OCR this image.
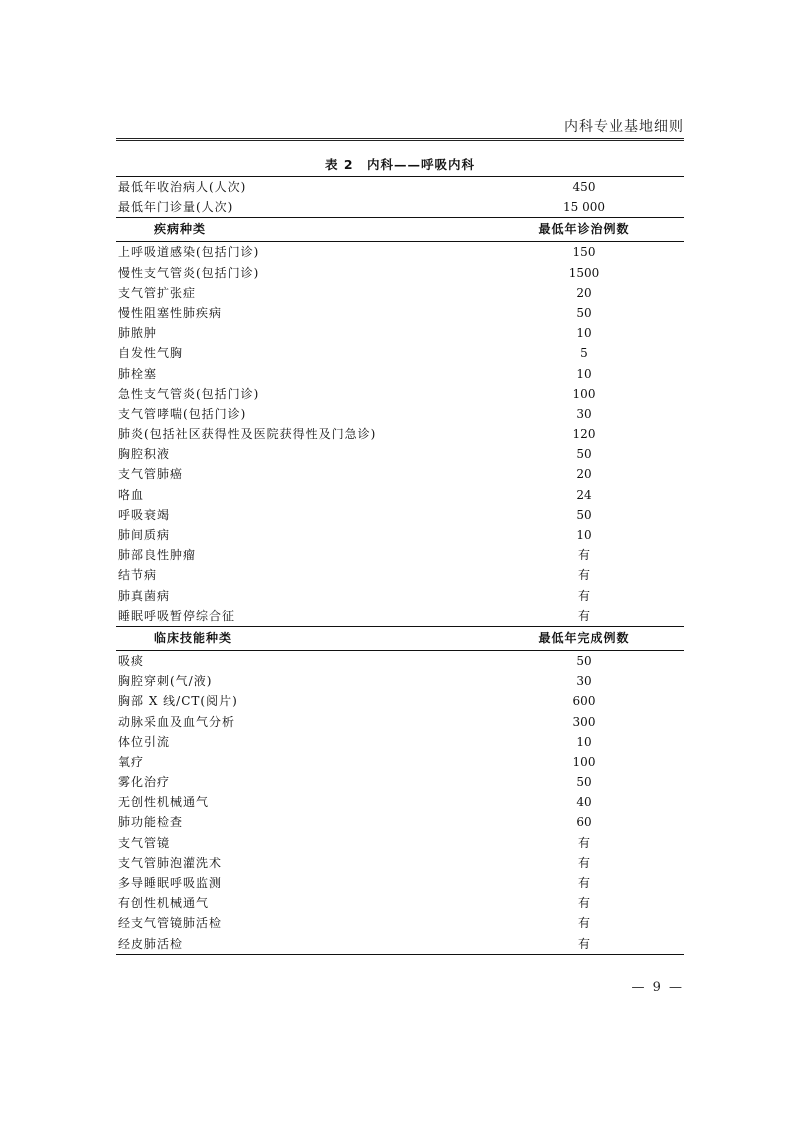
内科专业基地细则
表 2　内科——呼吸内科
最低年收治病人(人次)	450
最低年门诊量(人次)	15 000
疾病种类	最低年诊治例数
上呼吸道感染(包括门诊)	150
慢性支气管炎(包括门诊)	1500
支气管扩张症	20
慢性阻塞性肺疾病	50
肺脓肿	10
自发性气胸	5
肺栓塞	10
急性支气管炎(包括门诊)	100
支气管哮喘(包括门诊)	30
肺炎(包括社区获得性及医院获得性及门急诊)	120
胸腔积液	50
支气管肺癌	20
咯血	24
呼吸衰竭	50
肺间质病	10
肺部良性肿瘤	有
结节病	有
肺真菌病	有
睡眠呼吸暂停综合征	有
临床技能种类	最低年完成例数
吸痰	50
胸腔穿刺(气/液)	30
胸部 X 线/CT(阅片)	600
动脉采血及血气分析	300
体位引流	10
氧疗	100
雾化治疗	50
无创性机械通气	40
肺功能检查	60
支气管镜	有
支气管肺泡灌洗术	有
多导睡眠呼吸监测	有
有创性机械通气	有
经支气管镜肺活检	有
经皮肺活检	有
— 9 —
